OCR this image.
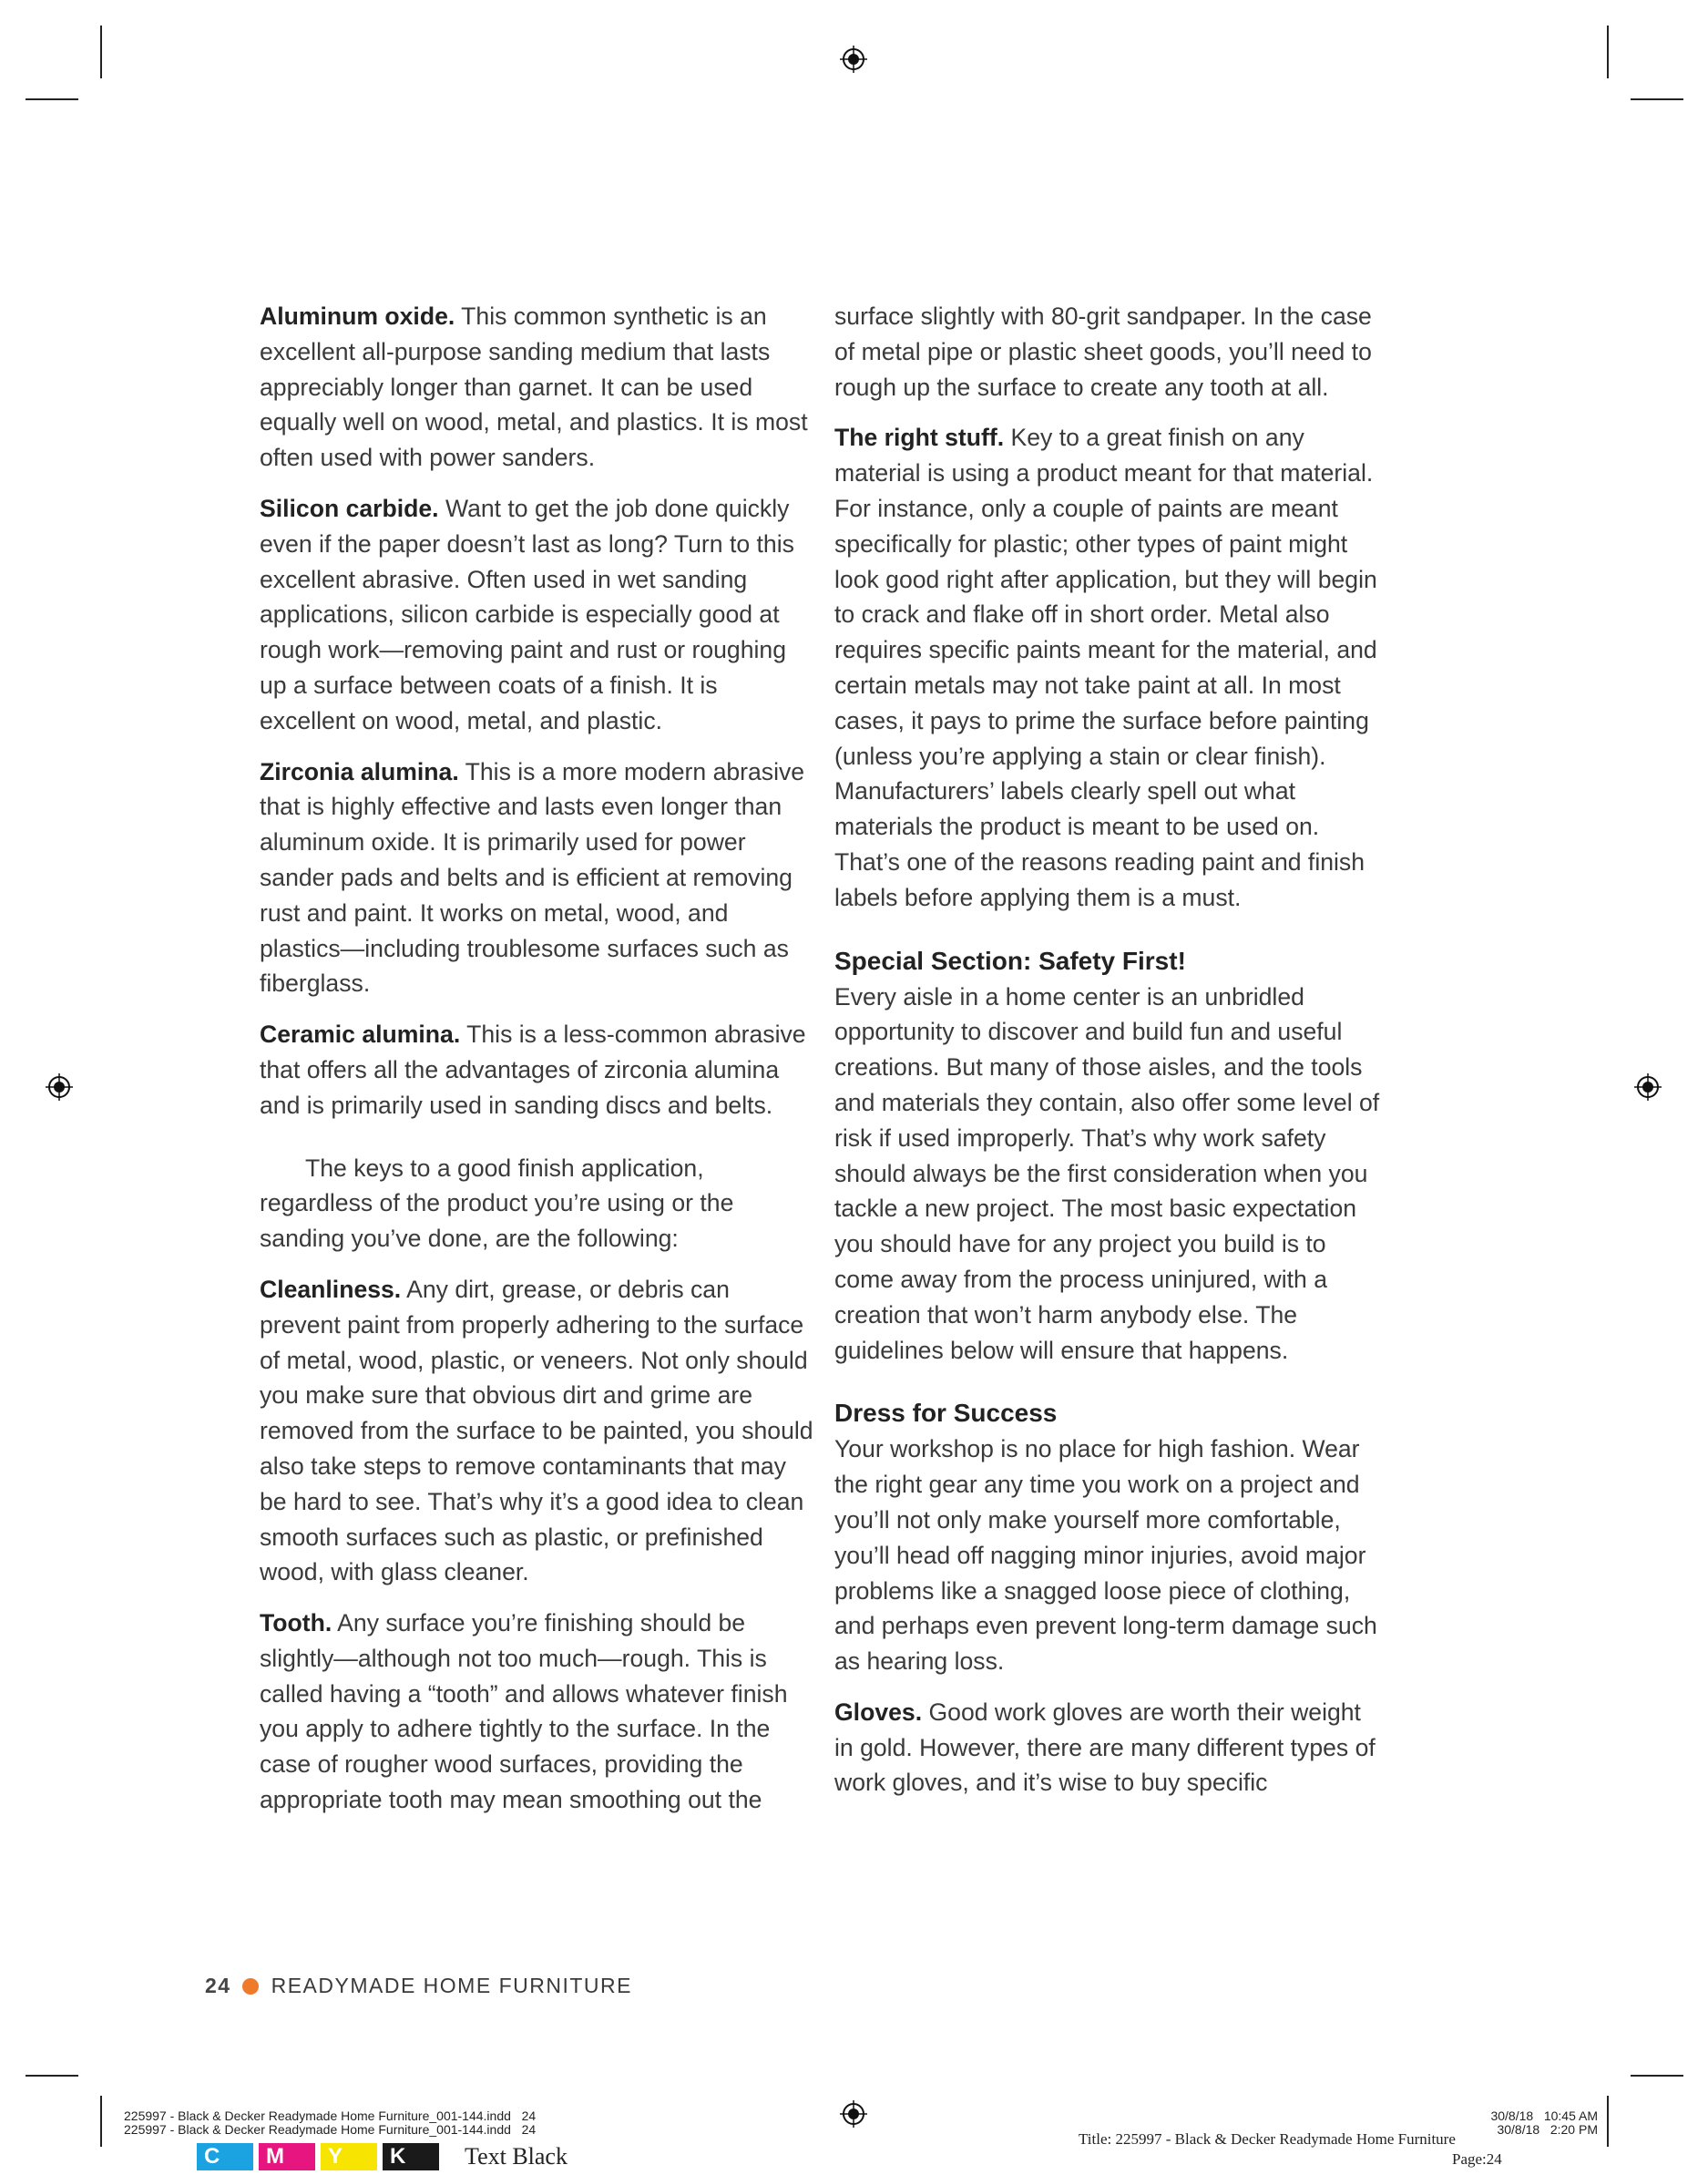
Aluminum oxide. This common synthetic is an excellent all-purpose sanding medium that lasts appreciably longer than garnet. It can be used equally well on wood, metal, and plastics. It is most often used with power sanders.

Silicon carbide. Want to get the job done quickly even if the paper doesn’t last as long? Turn to this excellent abrasive. Often used in wet sanding applications, silicon carbide is especially good at rough work—removing paint and rust or roughing up a surface between coats of a finish. It is excellent on wood, metal, and plastic.

Zirconia alumina. This is a more modern abrasive that is highly effective and lasts even longer than aluminum oxide. It is primarily used for power sander pads and belts and is efficient at removing rust and paint. It works on metal, wood, and plastics—including troublesome surfaces such as fiberglass.

Ceramic alumina. This is a less-common abrasive that offers all the advantages of zirconia alumina and is primarily used in sanding discs and belts.

The keys to a good finish application, regardless of the product you’re using or the sanding you’ve done, are the following:

Cleanliness. Any dirt, grease, or debris can prevent paint from properly adhering to the surface of metal, wood, plastic, or veneers. Not only should you make sure that obvious dirt and grime are removed from the surface to be painted, you should also take steps to remove contaminants that may be hard to see. That’s why it’s a good idea to clean smooth surfaces such as plastic, or prefinished wood, with glass cleaner.

Tooth. Any surface you’re finishing should be slightly—although not too much—rough. This is called having a “tooth” and allows whatever finish you apply to adhere tightly to the surface. In the case of rougher wood surfaces, providing the appropriate tooth may mean smoothing out the

surface slightly with 80-grit sandpaper. In the case of metal pipe or plastic sheet goods, you’ll need to rough up the surface to create any tooth at all.

The right stuff. Key to a great finish on any material is using a product meant for that material. For instance, only a couple of paints are meant specifically for plastic; other types of paint might look good right after application, but they will begin to crack and flake off in short order. Metal also requires specific paints meant for the material, and certain metals may not take paint at all. In most cases, it pays to prime the surface before painting (unless you’re applying a stain or clear finish). Manufacturers’ labels clearly spell out what materials the product is meant to be used on. That’s one of the reasons reading paint and finish labels before applying them is a must.

Special Section: Safety First!

Every aisle in a home center is an unbridled opportunity to discover and build fun and useful creations. But many of those aisles, and the tools and materials they contain, also offer some level of risk if used improperly. That’s why work safety should always be the first consideration when you tackle a new project. The most basic expectation you should have for any project you build is to come away from the process uninjured, with a creation that won’t harm anybody else. The guidelines below will ensure that happens.

Dress for Success

Your workshop is no place for high fashion. Wear the right gear any time you work on a project and you’ll not only make yourself more comfortable, you’ll head off nagging minor injuries, avoid major problems like a snagged loose piece of clothing, and perhaps even prevent long-term damage such as hearing loss.

Gloves. Good work gloves are worth their weight in gold. However, there are many different types of work gloves, and it’s wise to buy specific

24 READYMADE HOME FURNITURE
225997 - Black & Decker Readymade Home Furniture_001-144.indd   24
225997 - Black & Decker Readymade Home Furniture_001-144.indd   24
30/8/18   10:45 AM
30/8/18   2:20 PM
Title: 225997 - Black & Decker Readymade Home Furniture
Page:24
C	M	Y	K	Text Black
